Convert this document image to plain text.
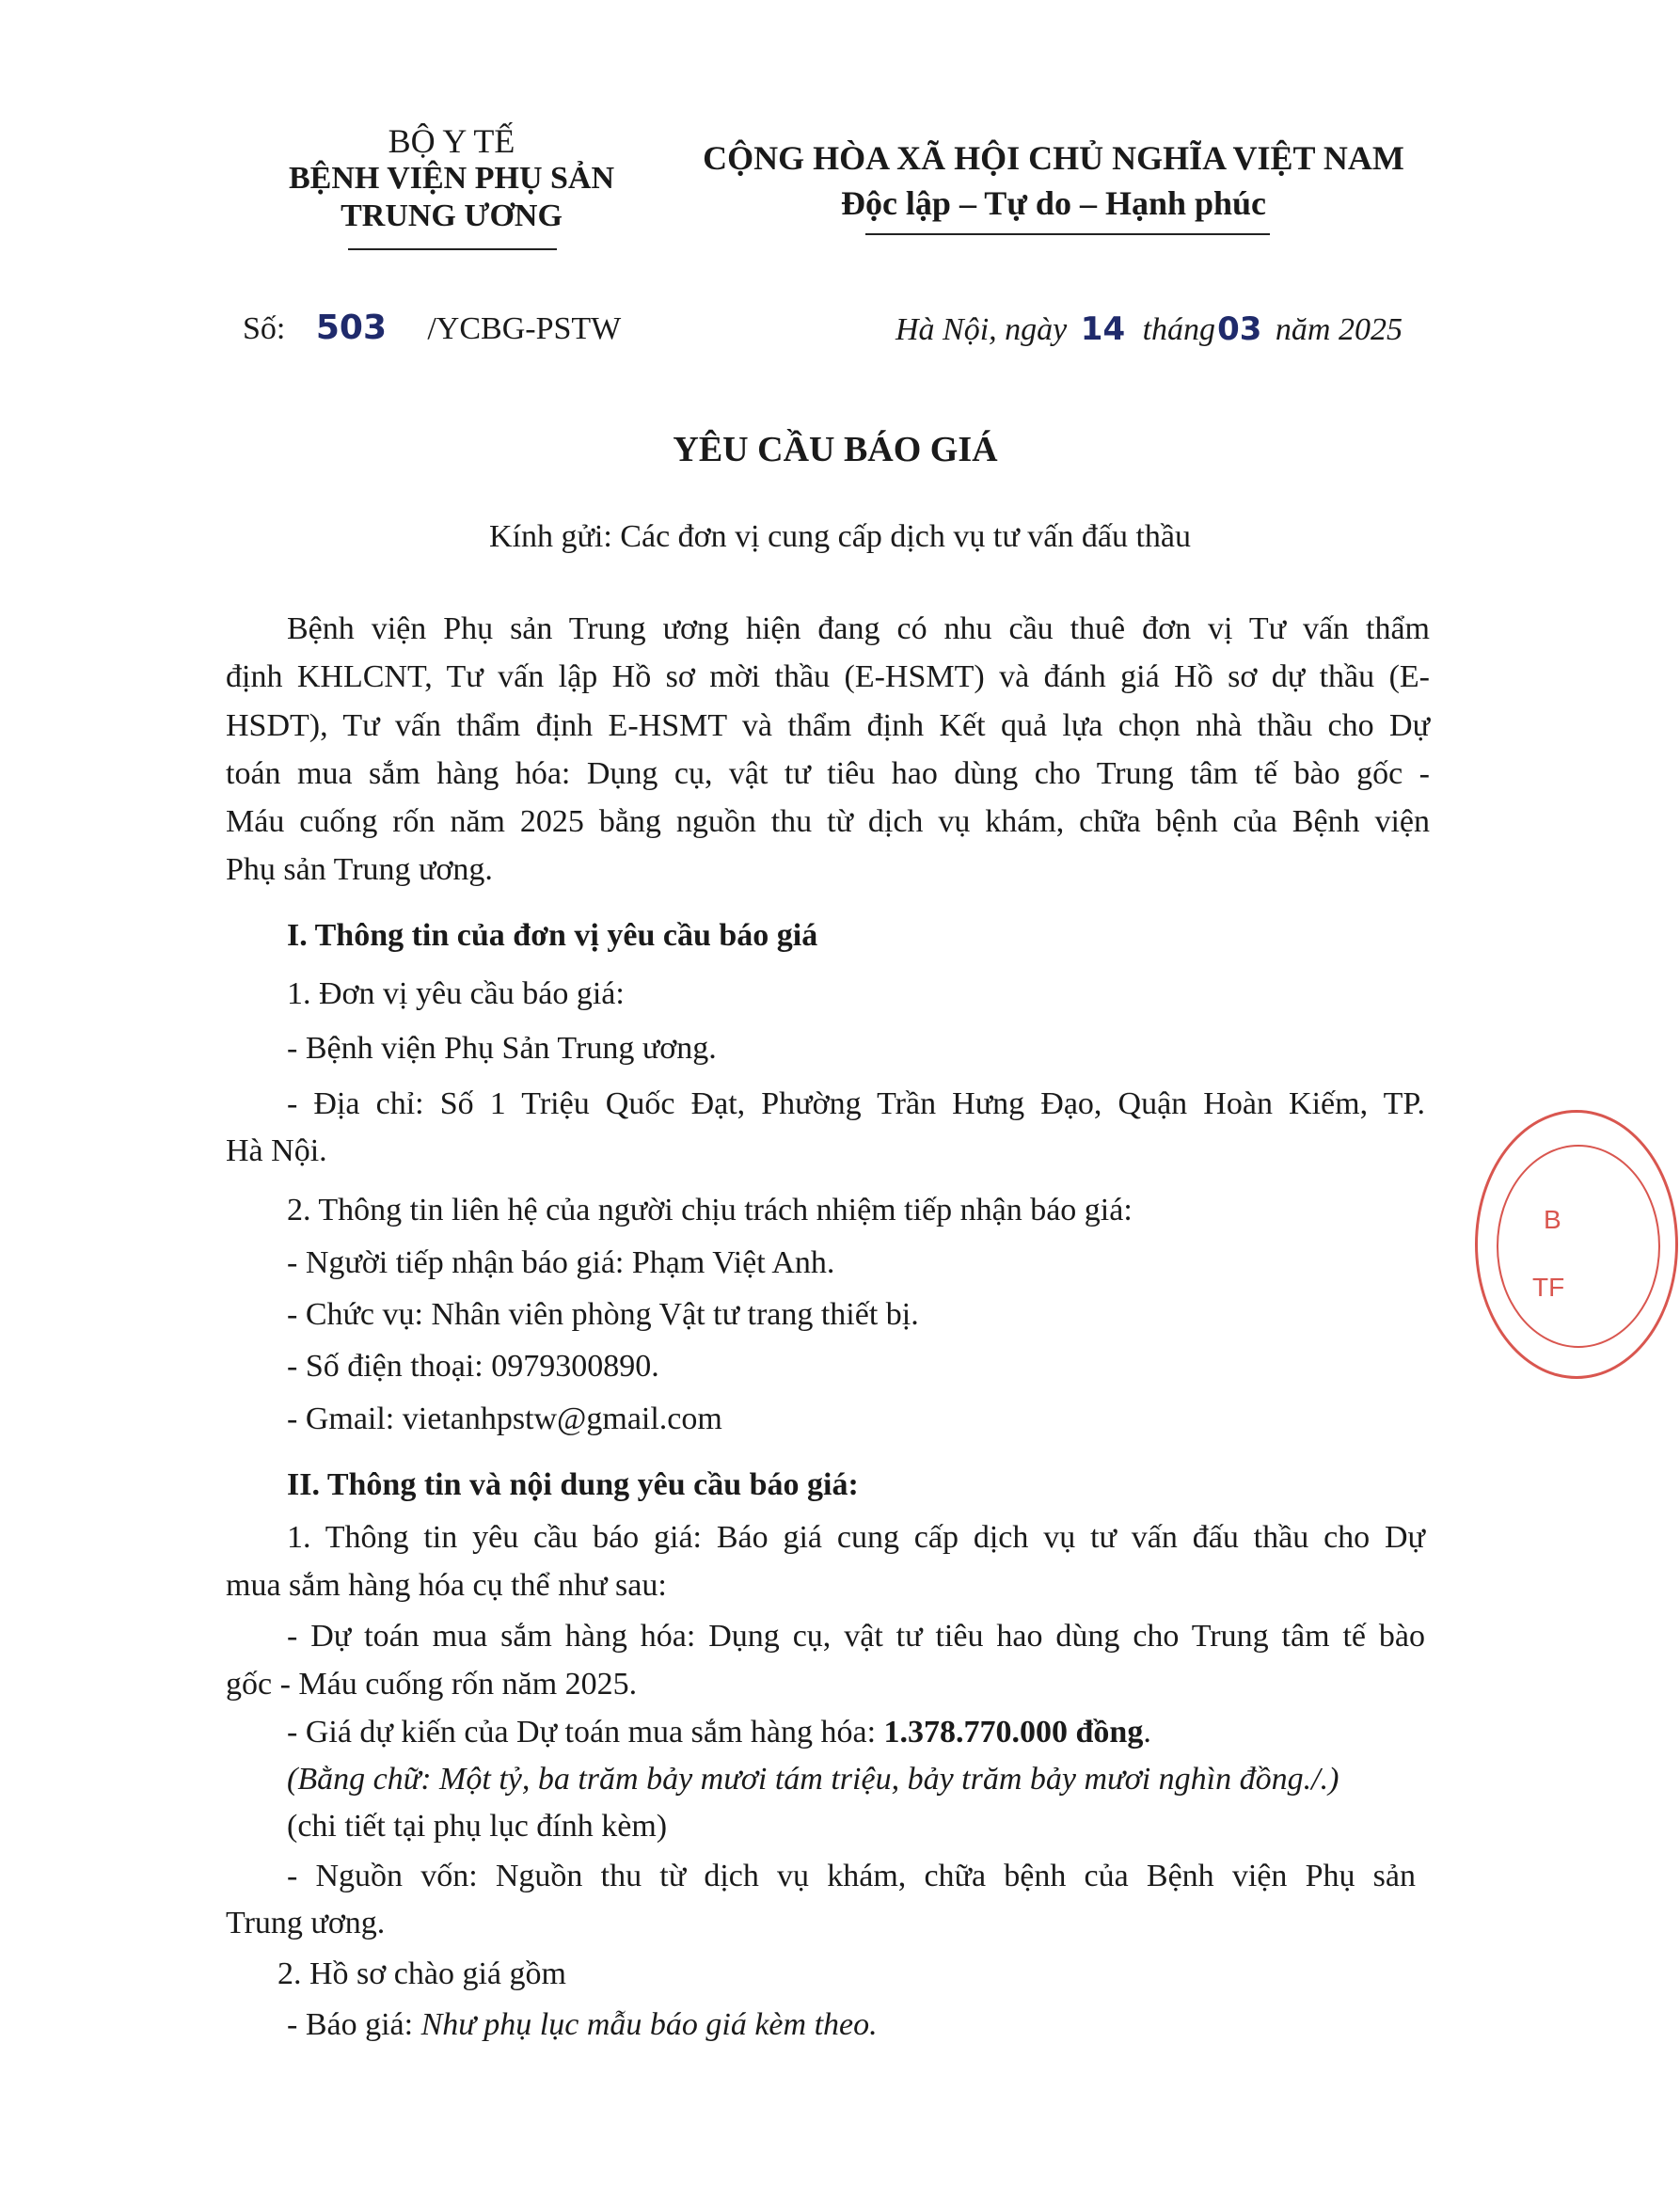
BỘ Y TẾ
BỆNH VIỆN PHỤ SẢN
TRUNG ƯƠNG
CỘNG HÒA XÃ HỘI CHỦ NGHĨA VIỆT NAM
Độc lập – Tự do – Hạnh phúc
Số: 503 /YCBG-PSTW	Hà Nội, ngày 14 tháng03 năm 2025
YÊU CẦU BÁO GIÁ
Kính gửi: Các đơn vị cung cấp dịch vụ tư vấn đấu thầu
Bệnh viện Phụ sản Trung ương hiện đang có nhu cầu thuê đơn vị Tư vấn thẩm
định KHLCNT, Tư vấn lập Hồ sơ mời thầu (E-HSMT) và đánh giá Hồ sơ dự thầu (E-
HSDT), Tư vấn thẩm định E-HSMT và thẩm định Kết quả lựa chọn nhà thầu cho Dự
toán mua sắm hàng hóa: Dụng cụ, vật tư tiêu hao dùng cho Trung tâm tế bào gốc -
Máu cuống rốn năm 2025 bằng nguồn thu từ dịch vụ khám, chữa bệnh của Bệnh viện
Phụ sản Trung ương.
I. Thông tin của đơn vị yêu cầu báo giá
1. Đơn vị yêu cầu báo giá:
- Bệnh viện Phụ Sản Trung ương.
- Địa chỉ: Số 1 Triệu Quốc Đạt, Phường Trần Hưng Đạo, Quận Hoàn Kiếm, TP.
Hà Nội.
2. Thông tin liên hệ của người chịu trách nhiệm tiếp nhận báo giá:
- Người tiếp nhận báo giá: Phạm Việt Anh.
- Chức vụ: Nhân viên phòng Vật tư trang thiết bị.
- Số điện thoại: 0979300890.
- Gmail: vietanhpstw@gmail.com
II. Thông tin và nội dung yêu cầu báo giá:
1. Thông tin yêu cầu báo giá: Báo giá cung cấp dịch vụ tư vấn đấu thầu cho Dự
mua sắm hàng hóa cụ thể như sau:
- Dự toán mua sắm hàng hóa: Dụng cụ, vật tư tiêu hao dùng cho Trung tâm tế bào
gốc - Máu cuống rốn năm 2025.
- Giá dự kiến của Dự toán mua sắm hàng hóa: 1.378.770.000 đồng.
(Bằng chữ: Một tỷ, ba trăm bảy mươi tám triệu, bảy trăm bảy mươi nghìn đồng./.)
(chi tiết tại phụ lục đính kèm)
- Nguồn vốn: Nguồn thu từ dịch vụ khám, chữa bệnh của Bệnh viện Phụ sản
Trung ương.
2. Hồ sơ chào giá gồm
- Báo giá: Như phụ lục mẫu báo giá kèm theo.
B
TF
